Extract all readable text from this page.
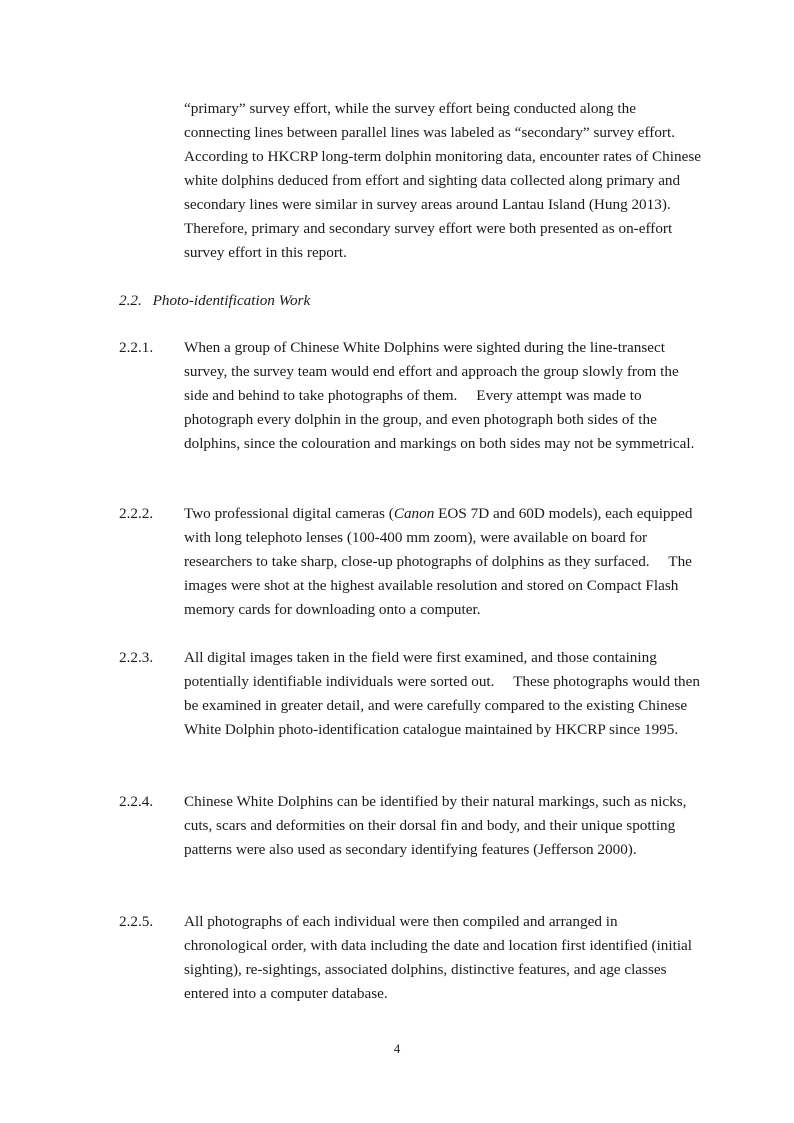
“primary” survey effort, while the survey effort being conducted along the connecting lines between parallel lines was labeled as “secondary” survey effort.  According to HKCRP long-term dolphin monitoring data, encounter rates of Chinese white dolphins deduced from effort and sighting data collected along primary and secondary lines were similar in survey areas around Lantau Island (Hung 2013).  Therefore, primary and secondary survey effort were both presented as on-effort survey effort in this report.

2.2. Photo-identification Work
2.2.1.	When a group of Chinese White Dolphins were sighted during the line-transect survey, the survey team would end effort and approach the group slowly from the side and behind to take photographs of them.  Every attempt was made to photograph every dolphin in the group, and even photograph both sides of the dolphins, since the colouration and markings on both sides may not be symmetrical.

2.2.2.	Two professional digital cameras (Canon EOS 7D and 60D models), each equipped with long telephoto lenses (100-400 mm zoom), were available on board for researchers to take sharp, close-up photographs of dolphins as they surfaced.  The images were shot at the highest available resolution and stored on Compact Flash memory cards for downloading onto a computer.

2.2.3.	All digital images taken in the field were first examined, and those containing potentially identifiable individuals were sorted out.  These photographs would then be examined in greater detail, and were carefully compared to the existing Chinese White Dolphin photo-identification catalogue maintained by HKCRP since 1995.

2.2.4.	Chinese White Dolphins can be identified by their natural markings, such as nicks, cuts, scars and deformities on their dorsal fin and body, and their unique spotting patterns were also used as secondary identifying features (Jefferson 2000).

2.2.5.	All photographs of each individual were then compiled and arranged in chronological order, with data including the date and location first identified (initial sighting), re-sightings, associated dolphins, distinctive features, and age classes entered into a computer database.

4
